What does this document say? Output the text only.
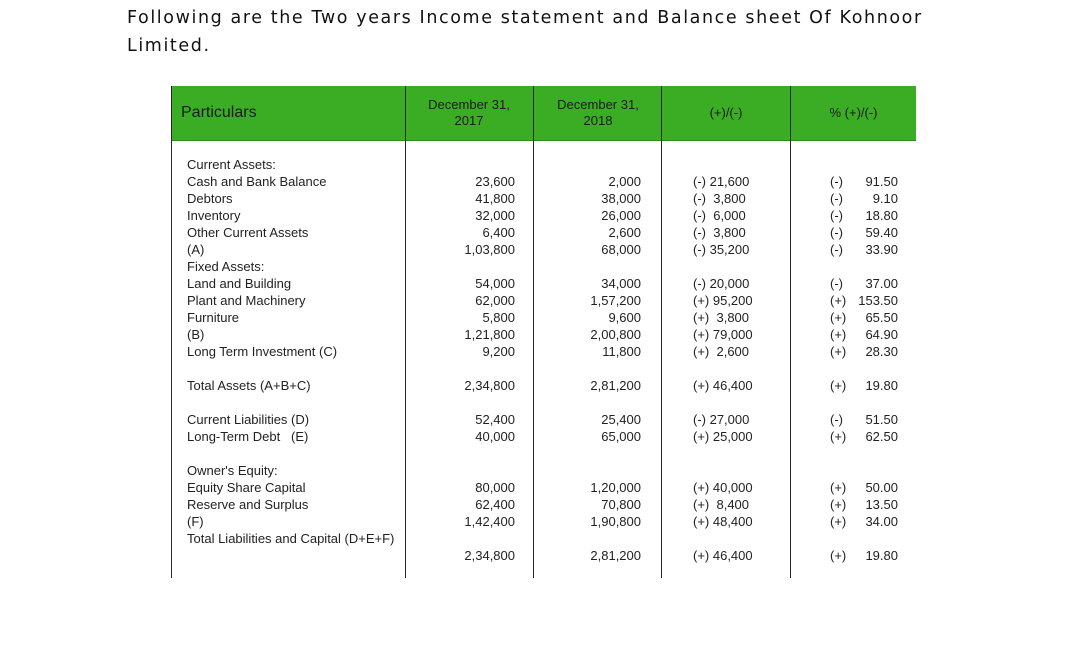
Following are the Two years Income statement and Balance sheet Of Kohnoor Limited.
Particulars	December 31,
2017
December 31,
2018
(+)/(-)	% (+)/(-)
Current Assets:
Cash and Bank Balance
Debtors
Inventory
Other Current Assets
(A)
Fixed Assets:
Land and Building
Plant and Machinery
Furniture
(B)
Long Term Investment (C)
Total Assets (A+B+C)
Current Liabilities (D)
Long-Term Debt   (E)
Owner's Equity:
Equity Share Capital
Reserve and Surplus
(F)
Total Liabilities and Capital (D+E+F)
23,600
41,800
32,000
6,400
1,03,800
54,000
62,000
5,800
1,21,800
9,200
2,34,800
52,400
40,000
80,000
62,400
1,42,400
2,34,800
2,000
38,000
26,000
2,600
68,000
34,000
1,57,200
9,600
2,00,800
11,800
2,81,200
25,400
65,000
1,20,000
70,800
1,90,800
2,81,200
(-) 21,600
(-)  3,800
(-)  6,000
(-)  3,800
(-) 35,200
(-) 20,000
(+) 95,200
(+)  3,800
(+) 79,000
(+)  2,600
(+) 46,400
(-) 27,000
(+) 25,000
(+) 40,000
(+)  8,400
(+) 48,400
(+) 46,400
(-) 91.50
(-) 9.10
(-) 18.80
(-) 59.40
(-) 33.90
(-) 37.00
(+) 153.50
(+) 65.50
(+) 64.90
(+) 28.30
(+) 19.80
(-) 51.50
(+) 62.50
(+) 50.00
(+) 13.50
(+) 34.00
(+) 19.80
